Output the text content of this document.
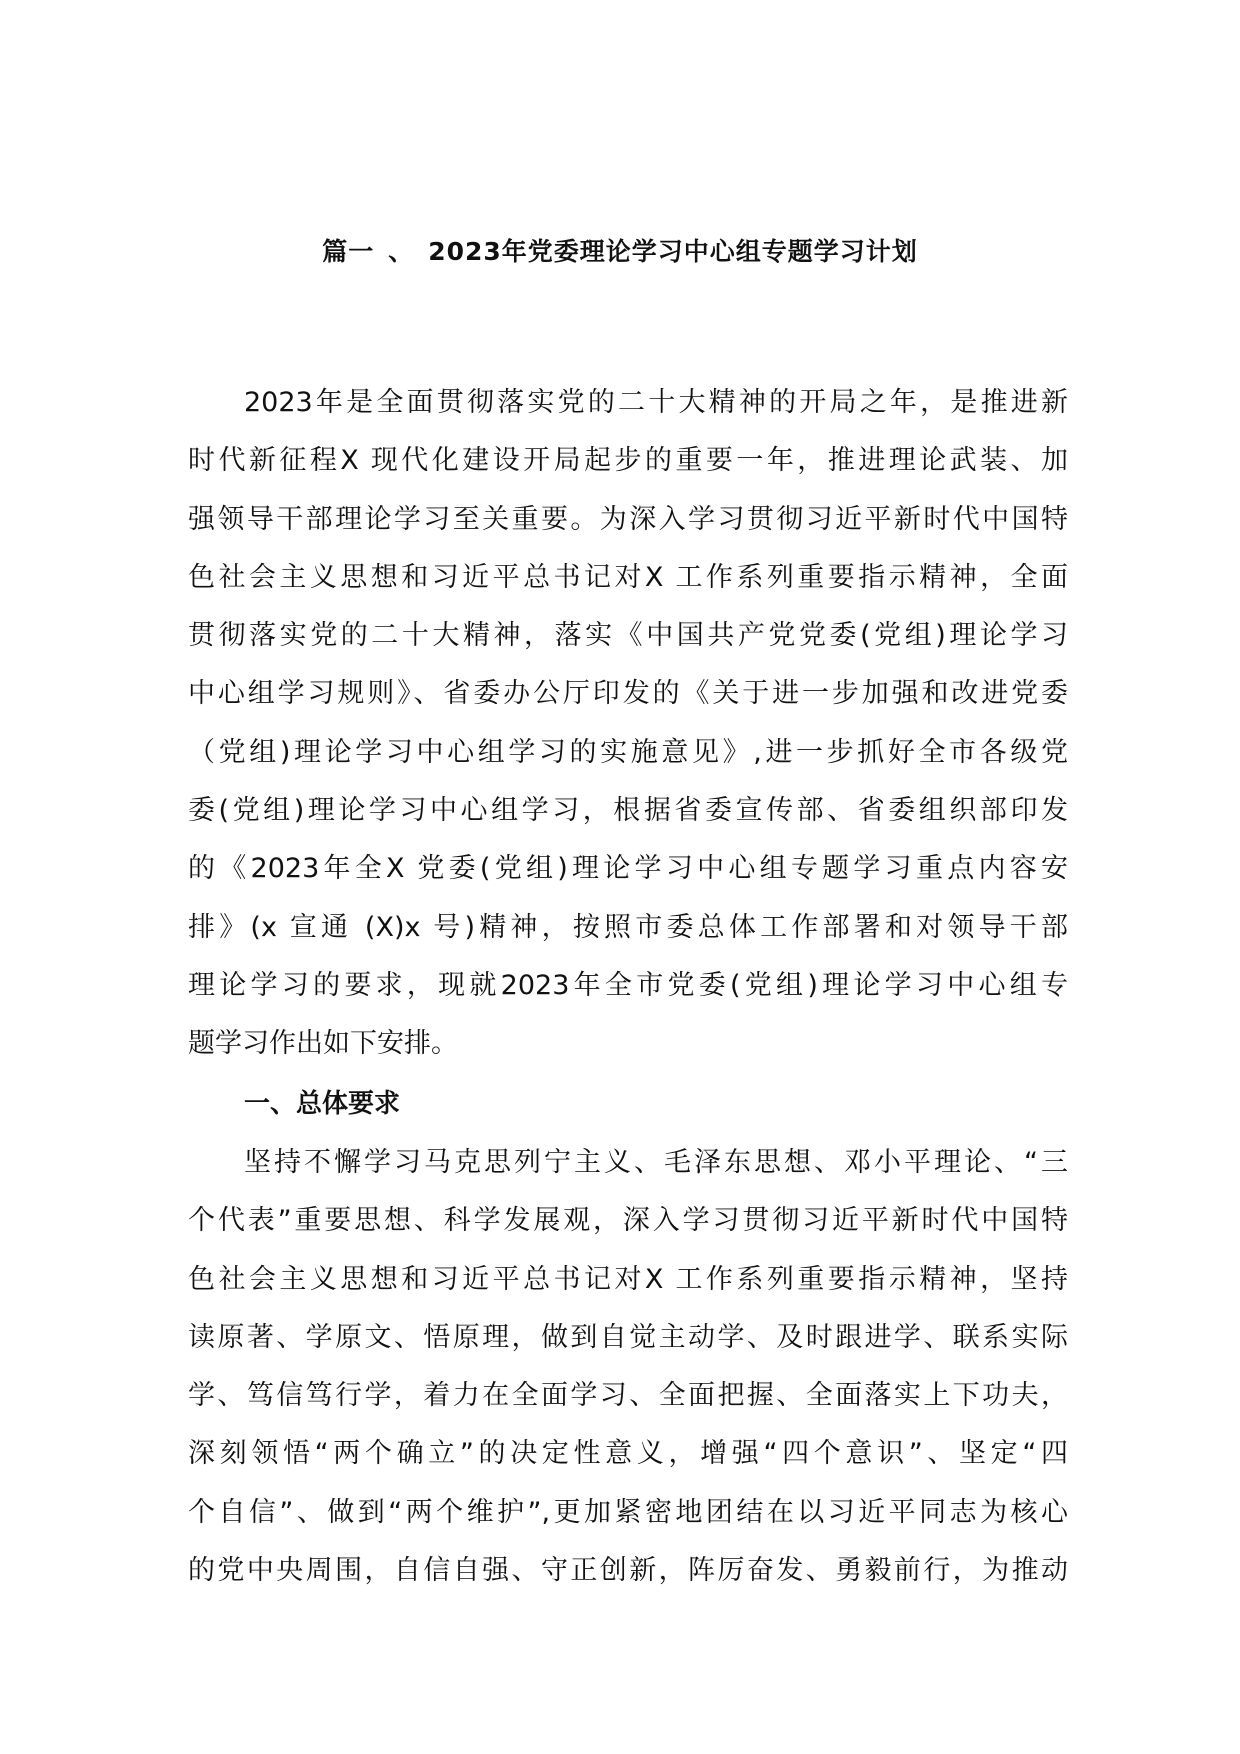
篇一 、 2023年党委理论学习中心组专题学习计划
2023年是全面贯彻落实党的二十大精神的开局之年，是推进新
时代新征程X 现代化建设开局起步的重要一年，推进理论武装、加
强领导干部理论学习至关重要。为深入学习贯彻习近平新时代中国特
色社会主义思想和习近平总书记对X 工作系列重要指示精神，全面
贯彻落实党的二十大精神，落实《中国共产党党委(党组)理论学习
中心组学习规则》、省委办公厅印发的《关于进一步加强和改进党委
（党组)理论学习中心组学习的实施意见》,进一步抓好全市各级党
委(党组)理论学习中心组学习，根据省委宣传部、省委组织部印发
的《2023年全X 党委(党组)理论学习中心组专题学习重点内容安
排》(x 宣通 (X)x 号)精神，按照市委总体工作部署和对领导干部
理论学习的要求，现就2023年全市党委(党组)理论学习中心组专
题学习作出如下安排。
一、总体要求
坚持不懈学习马克思列宁主义、毛泽东思想、邓小平理论、“三
个代表”重要思想、科学发展观，深入学习贯彻习近平新时代中国特
色社会主义思想和习近平总书记对X 工作系列重要指示精神，坚持
读原著、学原文、悟原理，做到自觉主动学、及时跟进学、联系实际
学、笃信笃行学，着力在全面学习、全面把握、全面落实上下功夫，
深刻领悟“两个确立”的决定性意义，增强“四个意识”、坚定“四
个自信”、做到“两个维护”,更加紧密地团结在以习近平同志为核心
的党中央周围，自信自强、守正创新，阵厉奋发、勇毅前行，为推动
